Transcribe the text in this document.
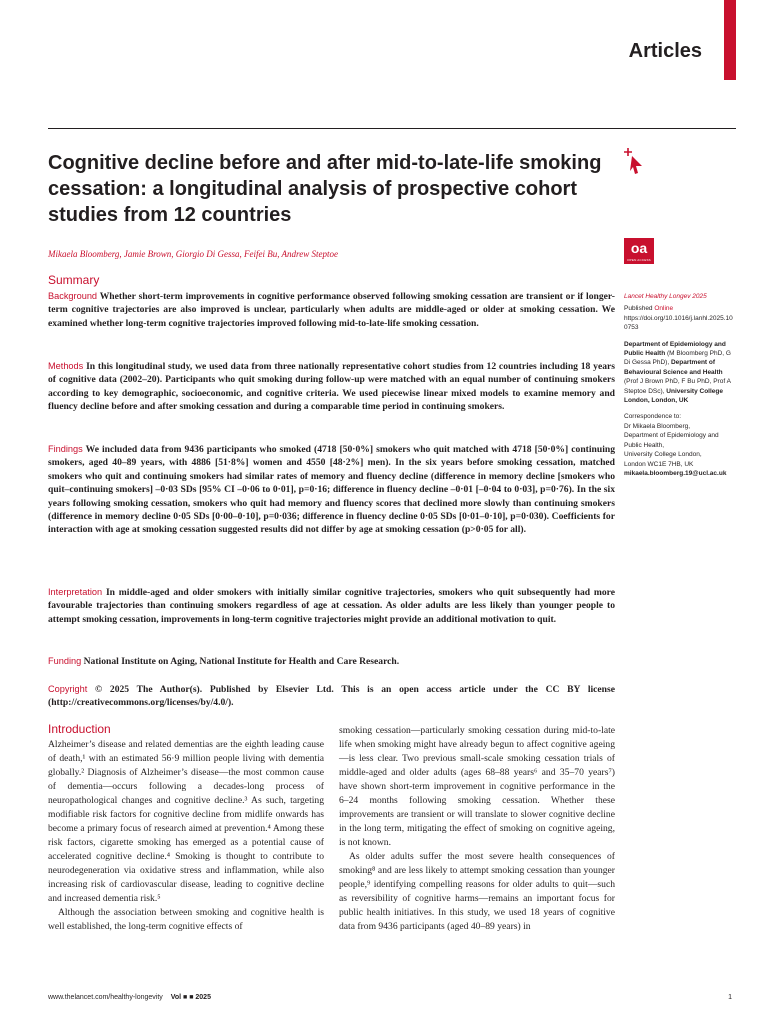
Articles
Cognitive decline before and after mid-to-late-life smoking cessation: a longitudinal analysis of prospective cohort studies from 12 countries
Mikaela Bloomberg, Jamie Brown, Giorgio Di Gessa, Feifei Bu, Andrew Steptoe	oa
OPEN ACCESS
Summary

Background Whether short-term improvements in cognitive performance observed following smoking cessation are transient or if longer-term cognitive trajectories are also improved is unclear, particularly when adults are middle-aged or older at smoking cessation. We examined whether long-term cognitive trajectories improved following mid-to-late-life smoking cessation.

Methods In this longitudinal study, we used data from three nationally representative cohort studies from 12 countries including 18 years of cognitive data (2002–20). Participants who quit smoking during follow-up were matched with an equal number of continuing smokers according to key demographic, socioeconomic, and cognitive criteria. We used piecewise linear mixed models to examine memory and fluency decline before and after smoking cessation and during a comparable time period in continuing smokers.

Findings We included data from 9436 participants who smoked (4718 [50·0%] smokers who quit matched with 4718 [50·0%] continuing smokers, aged 40–89 years, with 4886 [51·8%] women and 4550 [48·2%] men). In the six years before smoking cessation, matched smokers who quit and continuing smokers had similar rates of memory and fluency decline (difference in memory decline [smokers who quit–continuing smokers] –0·03 SDs [95% CI –0·06 to 0·01], p=0·16; difference in fluency decline –0·01 [–0·04 to 0·03], p=0·76). In the six years following smoking cessation, smokers who quit had memory and fluency scores that declined more slowly than continuing smokers (difference in memory decline 0·05 SDs [0·00–0·10], p=0·036; difference in fluency decline 0·05 SDs [0·01–0·10], p=0·030). Coefficients for interaction with age at smoking cessation suggested results did not differ by age at smoking cessation (p>0·05 for all).

Interpretation In middle-aged and older smokers with initially similar cognitive trajectories, smokers who quit subsequently had more favourable trajectories than continuing smokers regardless of age at cessation. As older adults are less likely than younger people to attempt smoking cessation, improvements in long-term cognitive trajectories might provide an additional motivation to quit.

Funding National Institute on Aging, National Institute for Health and Care Research.

Copyright © 2025 The Author(s). Published by Elsevier Ltd. This is an open access article under the CC BY license (http://creativecommons.org/licenses/by/4.0/).

Introduction

Alzheimer’s disease and related dementias are the eighth leading cause of death,¹ with an estimated 56·9 million people living with dementia globally.² Diagnosis of Alzheimer’s disease—the most common cause of dementia—occurs following a decades-long process of neuropathological changes and cognitive decline.³ As such, targeting modifiable risk factors for cognitive decline from midlife onwards has become a primary focus of research aimed at prevention.⁴ Among these risk factors, cigarette smoking has emerged as a potential cause of accelerated cognitive decline.⁴ Smoking is thought to contribute to neurodegeneration via oxidative stress and inflammation, while also increasing risk of cardiovascular disease, leading to cognitive decline and increased dementia risk.⁵

Although the association between smoking and cognitive health is well established, the long-term cognitive effects of

smoking cessation—particularly smoking cessation during mid-to-late life when smoking might have already begun to affect cognitive ageing—is less clear. Two previous small-scale smoking cessation trials of middle-aged and older adults (ages 68–88 years⁶ and 35–70 years⁷) have shown short-term improvement in cognitive performance in the 6–24 months following smoking cessation. Whether these improvements are transient or will translate to slower cognitive decline in the long term, mitigating the effect of smoking on cognitive ageing, is not known.

As older adults suffer the most severe health consequences of smoking⁸ and are less likely to attempt smoking cessation than younger people,⁹ identifying compelling reasons for older adults to quit—such as reversibility of cognitive harms—remains an important focus for public health initiatives. In this study, we used 18 years of cognitive data from 9436 participants (aged 40–89 years) in

Lancet Healthy Longev 2025
Published Online
https://doi.org/10.1016/j.lanhl.2025.100753
Department of Epidemiology and Public Health (M Bloomberg PhD, G Di Gessa PhD), Department of Behavioural Science and Health (Prof J Brown PhD, F Bu PhD, Prof A Steptoe DSc), University College London, London, UK
Correspondence to:
Dr Mikaela Bloomberg,
Department of Epidemiology and Public Health,
University College London,
London WC1E 7HB, UK
mikaela.bloomberg.19@ucl.ac.uk
www.thelancet.com/healthy-longevity Vol ■ ■ 2025	1
